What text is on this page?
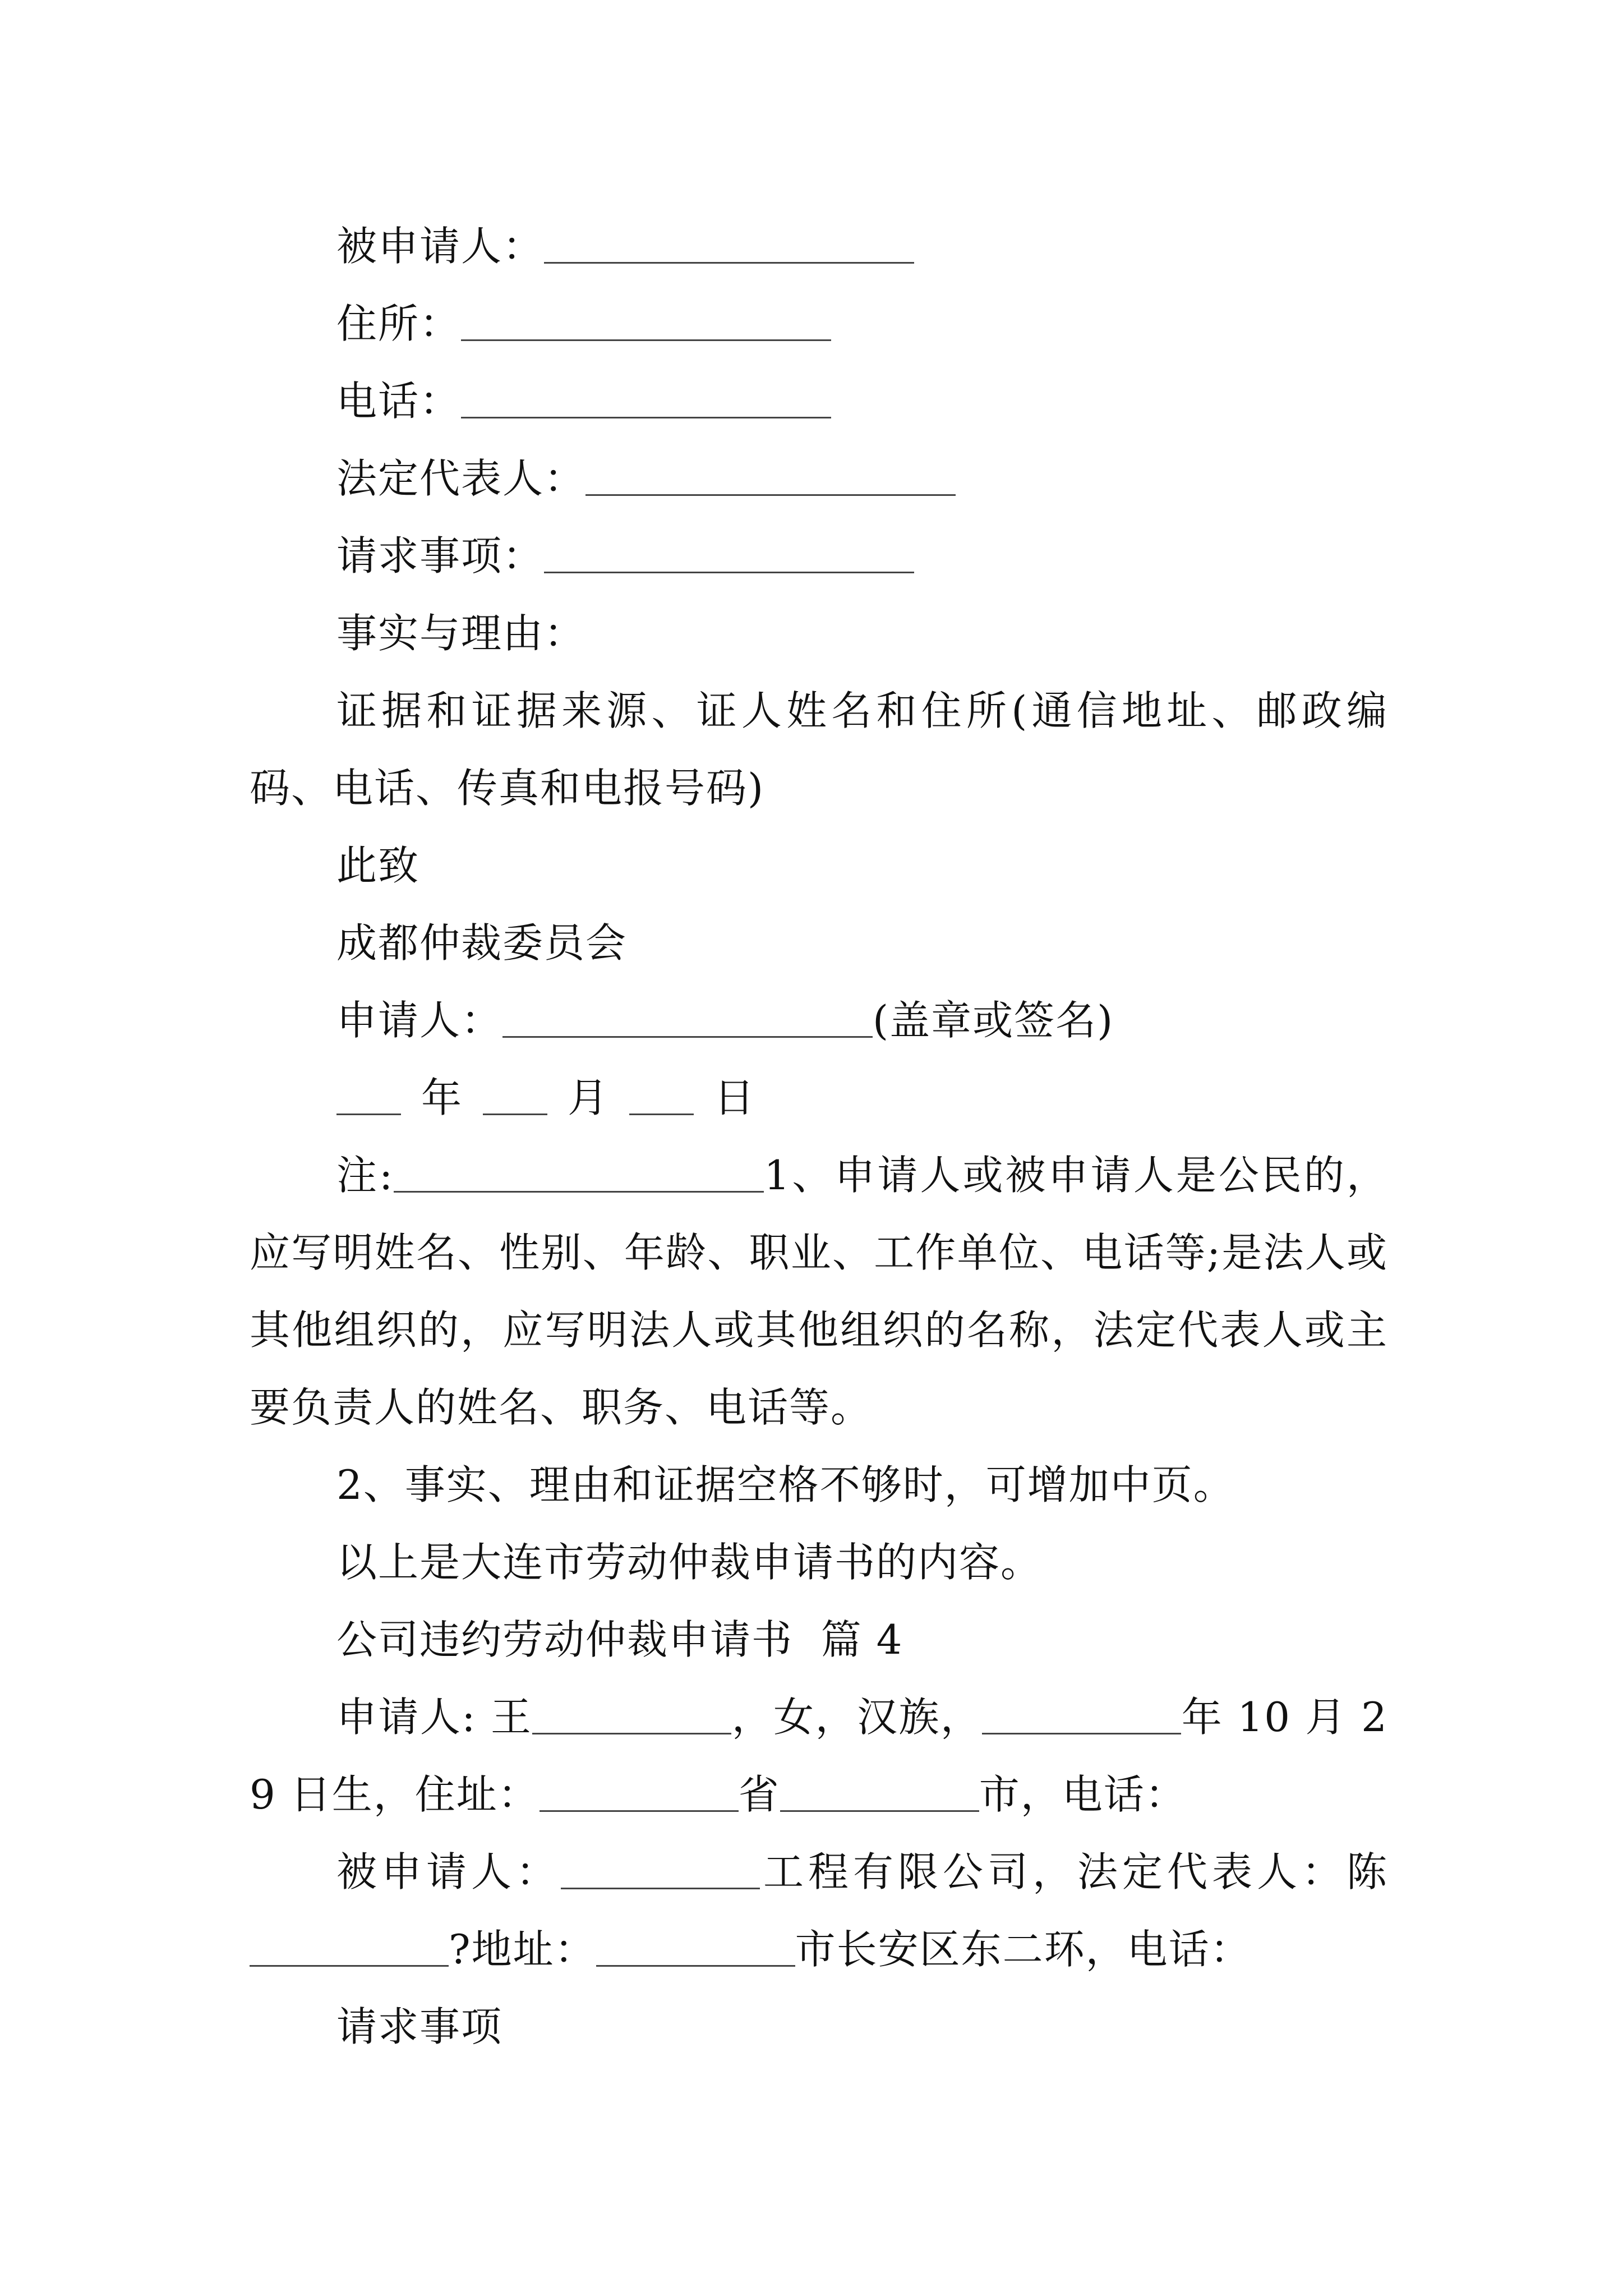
被申请人：
住所：
电话：
法定代表人：
请求事项：
事实与理由：
证据和证据来源、证人姓名和住所(通信地址、邮政编码、电话、传真和电报号码)
此致
成都仲裁委员会
申请人：	(盖章或签名)
年	月	日
注:	1、申请人或被申请人是公民的，应写明姓名、性别、年龄、职业、工作单位、电话等;是法人或其他组织的，应写明法人或其他组织的名称，法定代表人或主要负责人的姓名、职务、电话等。
2、事实、理由和证据空格不够时，可增加中页。
以上是大连市劳动仲裁申请书的内容。
公司违约劳动仲裁申请书  篇 4
申请人: 王	，女，汉族，	年 10 月 29 日生，住址：	省	市，电话：
被申请人：	工程有限公司，法定代表人：陈?地址：	市长安区东二环，电话：
请求事项
